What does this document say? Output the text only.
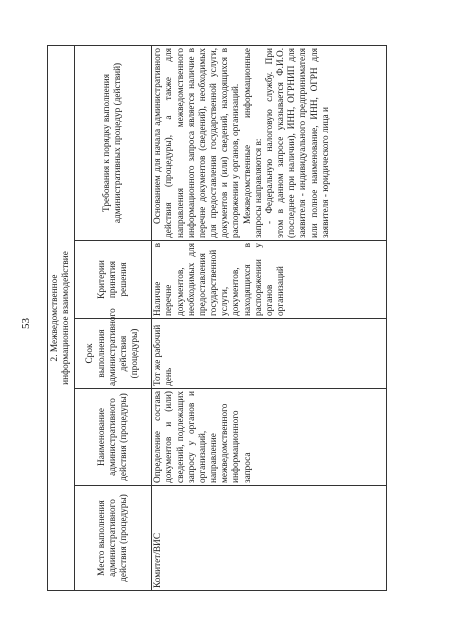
53 2. Межведомственное
информационное взаимодействие				
Место выполнения административного действия (процедуры)	Наименование административного действия (процедуры)	Срок выполнения административного действия (процедуры)	Критерии принятия решения	Требования к порядку выполнения административных процедур (действий)
Комитет/ВИС	Определение состава документов и (или) сведений, подлежащих запросу у органов и организаций, направление межведомственного информационного запроса	Тот же рабочий день	Наличие в перечне документов, необходимых для предоставления государственной услуги, документов, находящихся в распоряжении у органов организаций	Основанием для начала административного действия (процедуры), а также для направления межведомственного информационного запроса является наличие в перечне документов (сведений), необходимых для предоставления государственной услуги, документов и (или) сведений, находящихся в распоряжении у органов, организаций. Межведомственные информационные запросы направляются в: - Федеральную налоговую службу. При этом в данном запросе указывается Ф.И.О. (последнее при наличии), ИНН, ОГРНИП для заявителя - индивидуального предпринимателя или полное наименование, ИНН, ОГРН для заявителя - юридического лица и
